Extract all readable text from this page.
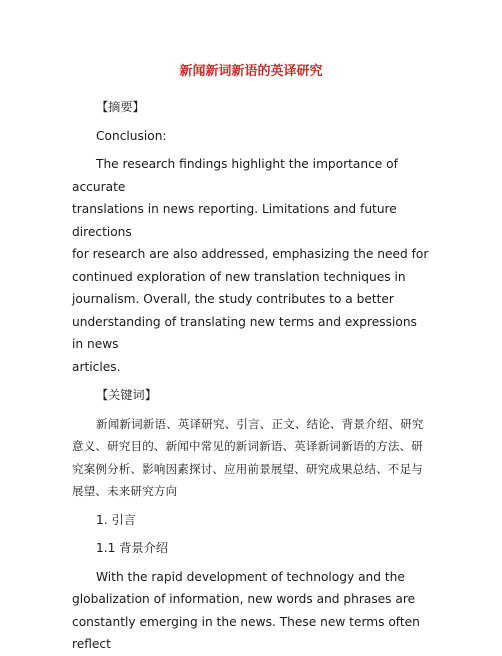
新闻新词新语的英译研究
【摘要】
Conclusion:
The research findings highlight the importance of accurate
translations in news reporting. Limitations and future directions
for research are also addressed, emphasizing the need for
continued exploration of new translation techniques in
journalism. Overall, the study contributes to a better
understanding of translating new terms and expressions in news
articles.
【关键词】
新闻新词新语、英译研究、引言、正文、结论、背景介绍、研究
意义、研究目的、新闻中常见的新词新语、英译新词新语的方法、研
究案例分析、影响因素探讨、应用前景展望、研究成果总结、不足与
展望、未来研究方向
1. 引言
1.1 背景介绍
With the rapid development of technology and the
globalization of information, new words and phrases are
constantly emerging in the news. These new terms often reflect
